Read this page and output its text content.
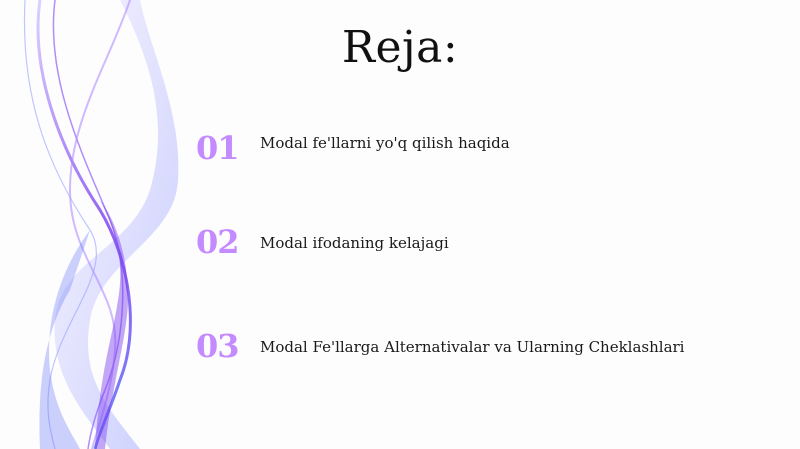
Reja:
01	Modal fe'llarni yo'q qilish haqida
02	Modal ifodaning kelajagi
03	Modal Fe'llarga Alternativalar va Ularning Cheklashlari
